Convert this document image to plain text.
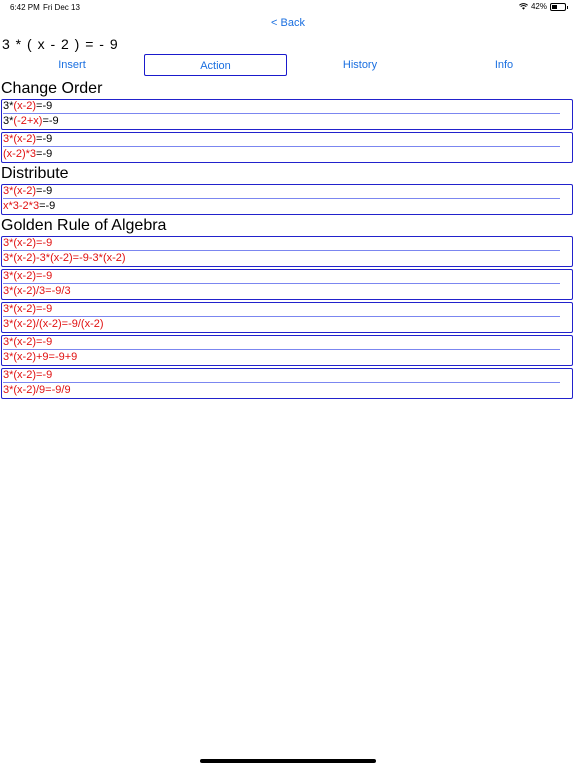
6:42 PM Fri Dec 13	42%
< Back
3 * ( x - 2 ) = - 9
Insert	Action	History	Info
Change Order
3*(x-2)=-9
3*(-2+x)=-9
3*(x-2)=-9
(x-2)*3=-9
Distribute
3*(x-2)=-9
x*3-2*3=-9
Golden Rule of Algebra
3*(x-2)=-9
3*(x-2)-3*(x-2)=-9-3*(x-2)
3*(x-2)=-9
3*(x-2)/3=-9/3
3*(x-2)=-9
3*(x-2)/(x-2)=-9/(x-2)
3*(x-2)=-9
3*(x-2)+9=-9+9
3*(x-2)=-9
3*(x-2)/9=-9/9
